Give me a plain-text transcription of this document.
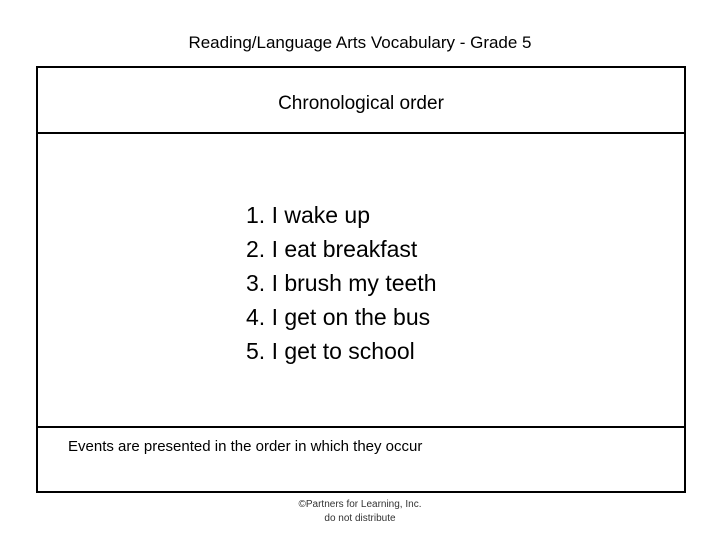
Reading/Language Arts Vocabulary - Grade 5
Chronological order
1. I wake up
2. I eat breakfast
3. I brush my teeth
4. I get on the bus
5. I get to school
Events are presented in the order in which they occur
©Partners for Learning, Inc.
do not distribute
